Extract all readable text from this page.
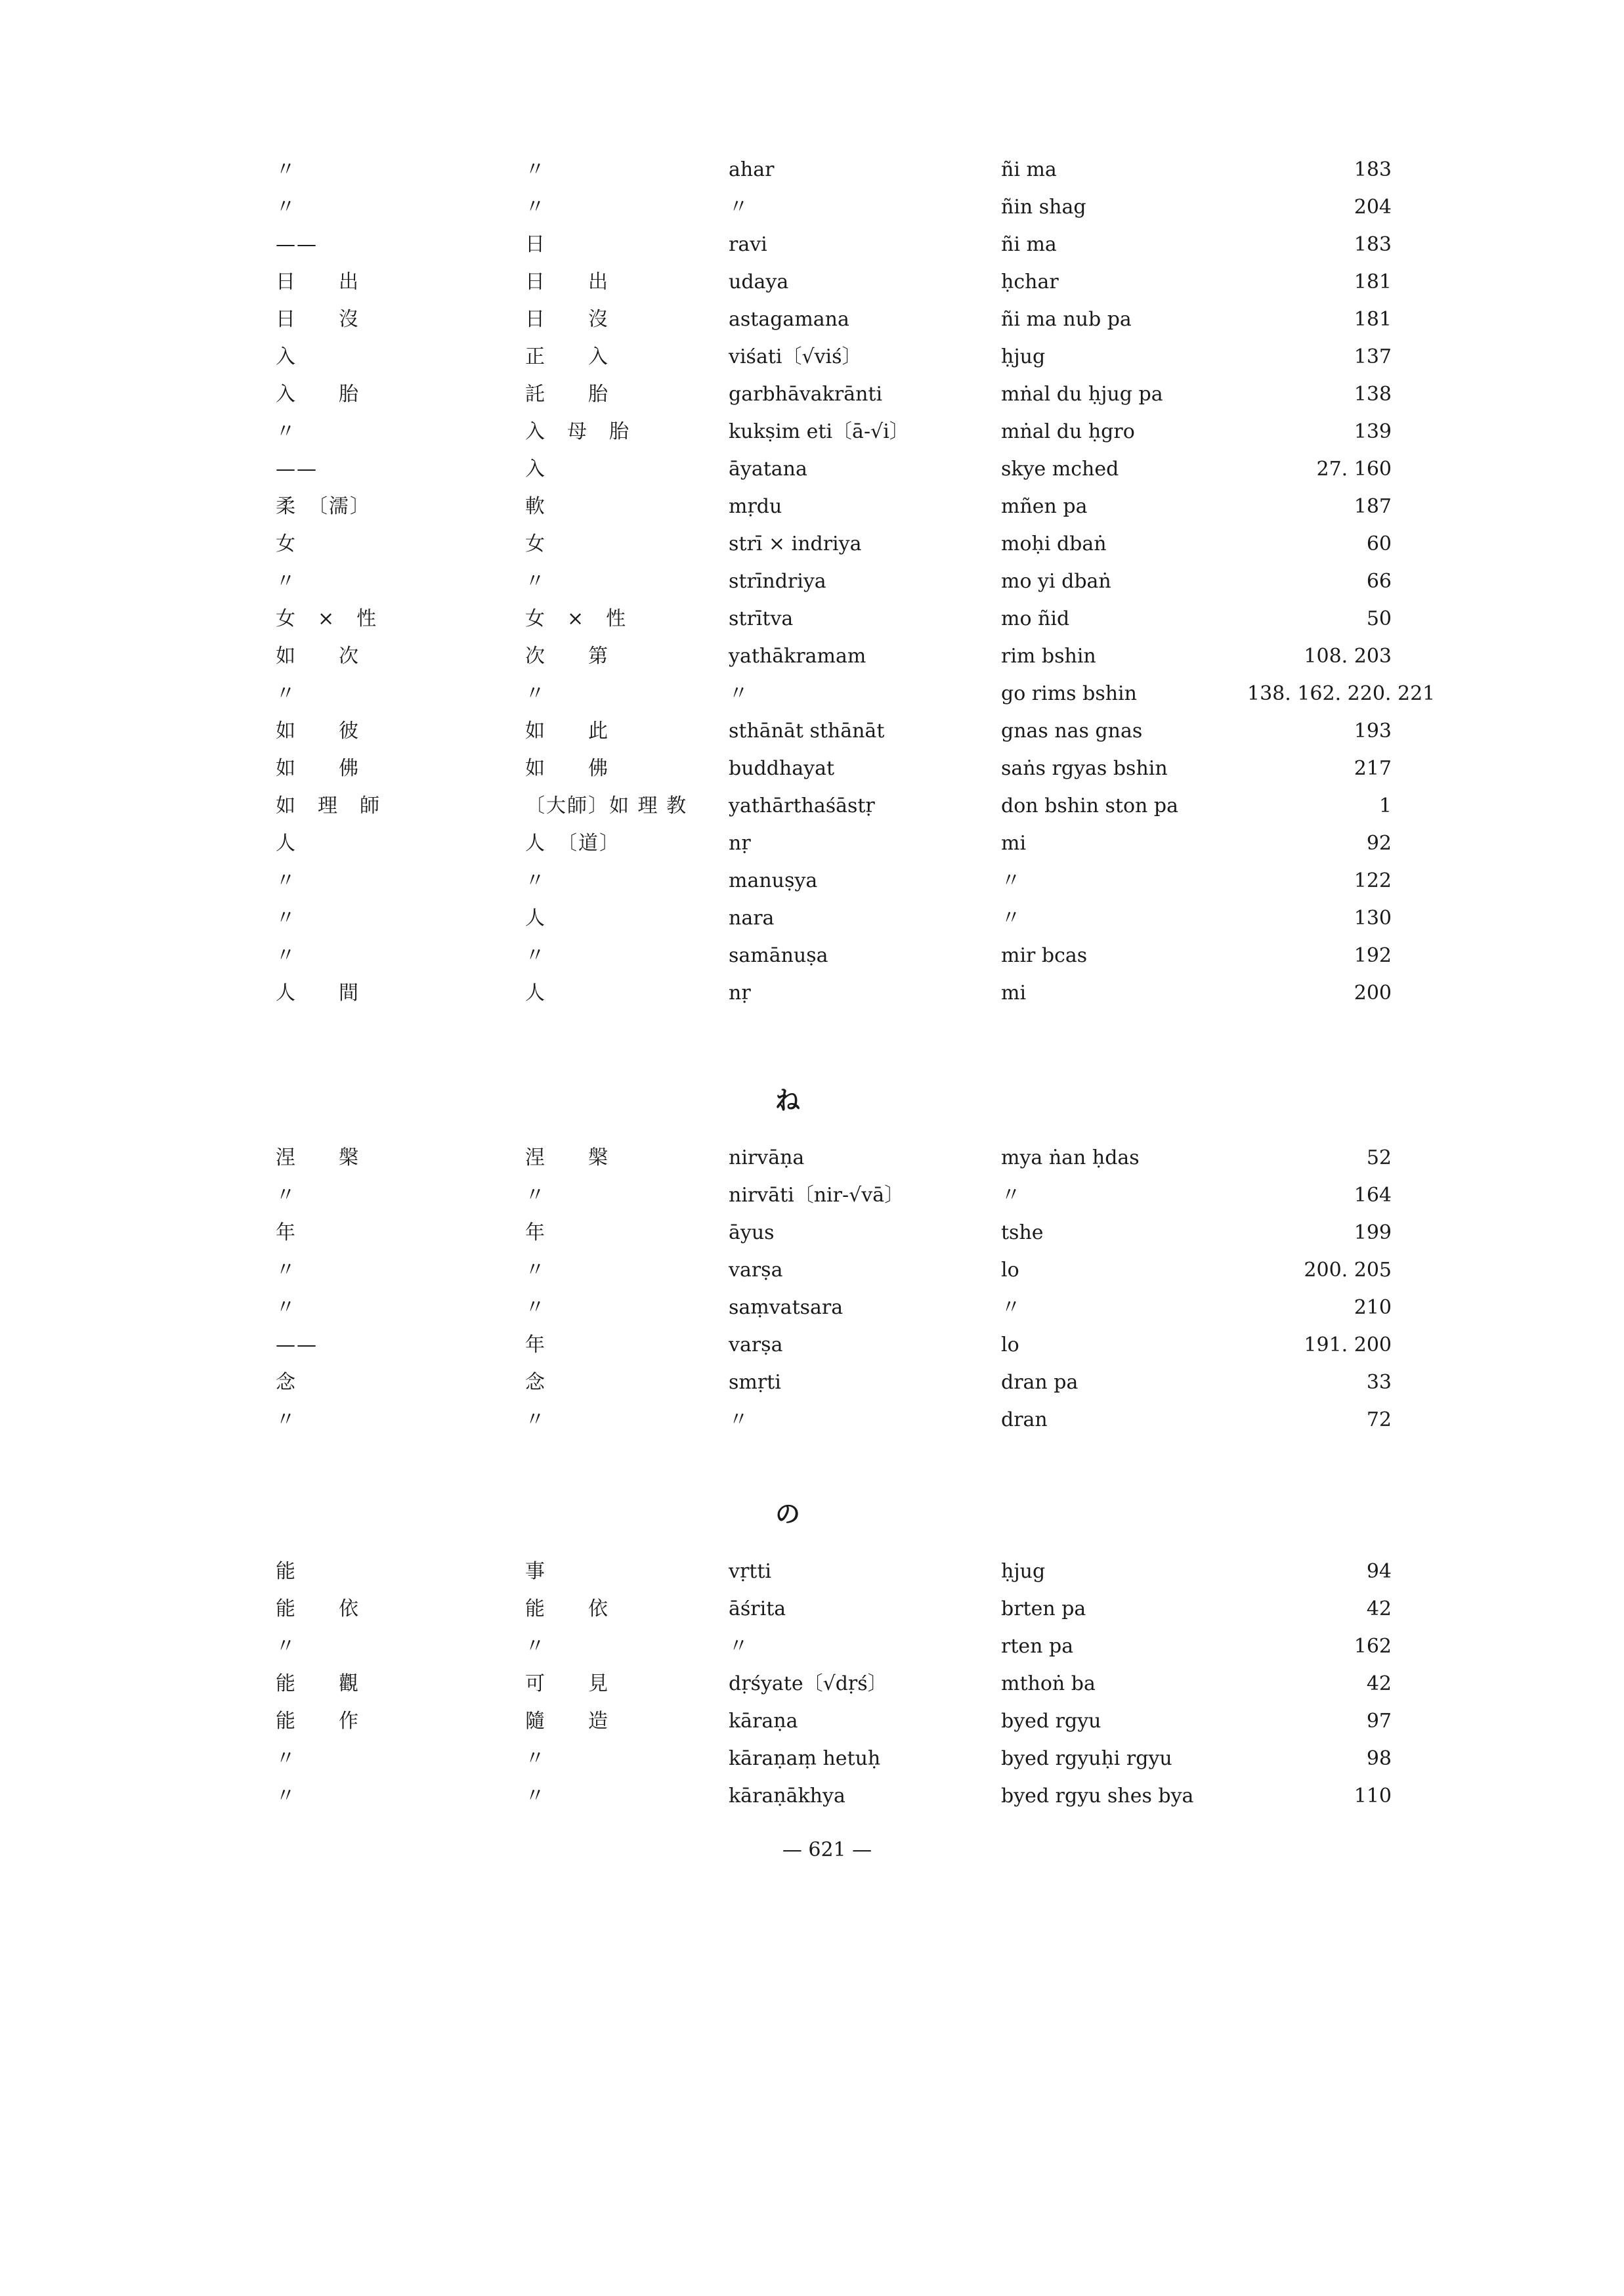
〃	〃	ahar	ñi ma	183
〃	〃	〃	ñin shag	204
——	日	ravi	ñi ma	183
日　　出	日　　出	udaya	ḥchar	181
日　　沒	日　　沒	astagamana	ñi ma nub pa	181
入	正　　入	viśati〔√viś〕	ḥjug	137
入　　胎	託　　胎	garbhāvakrānti	mṅal du ḥjug pa	138
〃	入　母　胎	kukṣim eti〔ā-√i〕	mṅal du ḥgro	139
——	入	āyatana	skye mched	27. 160
柔　〔濡〕	軟	mṛdu	mñen pa	187
女	女	strī × indriya	moḥi dbaṅ	60
〃	〃	strīndriya	mo yi dbaṅ	66
女　×　性	女　×　性	strītva	mo ñid	50
如　　次	次　　第	yathākramam	rim bshin	108. 203
〃	〃	〃	go rims bshin	138. 162. 220. 221
如　　彼	如　　此	sthānāt sthānāt	gnas nas gnas	193
如　　佛	如　　佛	buddhayat	saṅs rgyas bshin	217
如　理　師	〔大師〕如 理 教	yathārthaśāstṛ	don bshin ston pa	1
人	人　〔道〕	nṛ	mi	92
〃	〃	manuṣya	〃	122
〃	人	nara	〃	130
〃	〃	samānuṣa	mir bcas	192
人　　間	人	nṛ	mi	200
ね
涅　　槃	涅　　槃	nirvāṇa	mya ṅan ḥdas	52
〃	〃	nirvāti〔nir-√vā〕	〃	164
年	年	āyus	tshe	199
〃	〃	varṣa	lo	200. 205
〃	〃	saṃvatsara	〃	210
——	年	varṣa	lo	191. 200
念	念	smṛti	dran pa	33
〃	〃	〃	dran	72
の
能	事	vṛtti	ḥjug	94
能　　依	能　　依	āśrita	brten pa	42
〃	〃	〃	rten pa	162
能　　觀	可　　見	dṛśyate〔√dṛś〕	mthoṅ ba	42
能　　作	隨　　造	kāraṇa	byed rgyu	97
〃	〃	kāraṇaṃ hetuḥ	byed rgyuḥi rgyu	98
〃	〃	kāraṇākhya	byed rgyu shes bya	110
— 621 —
